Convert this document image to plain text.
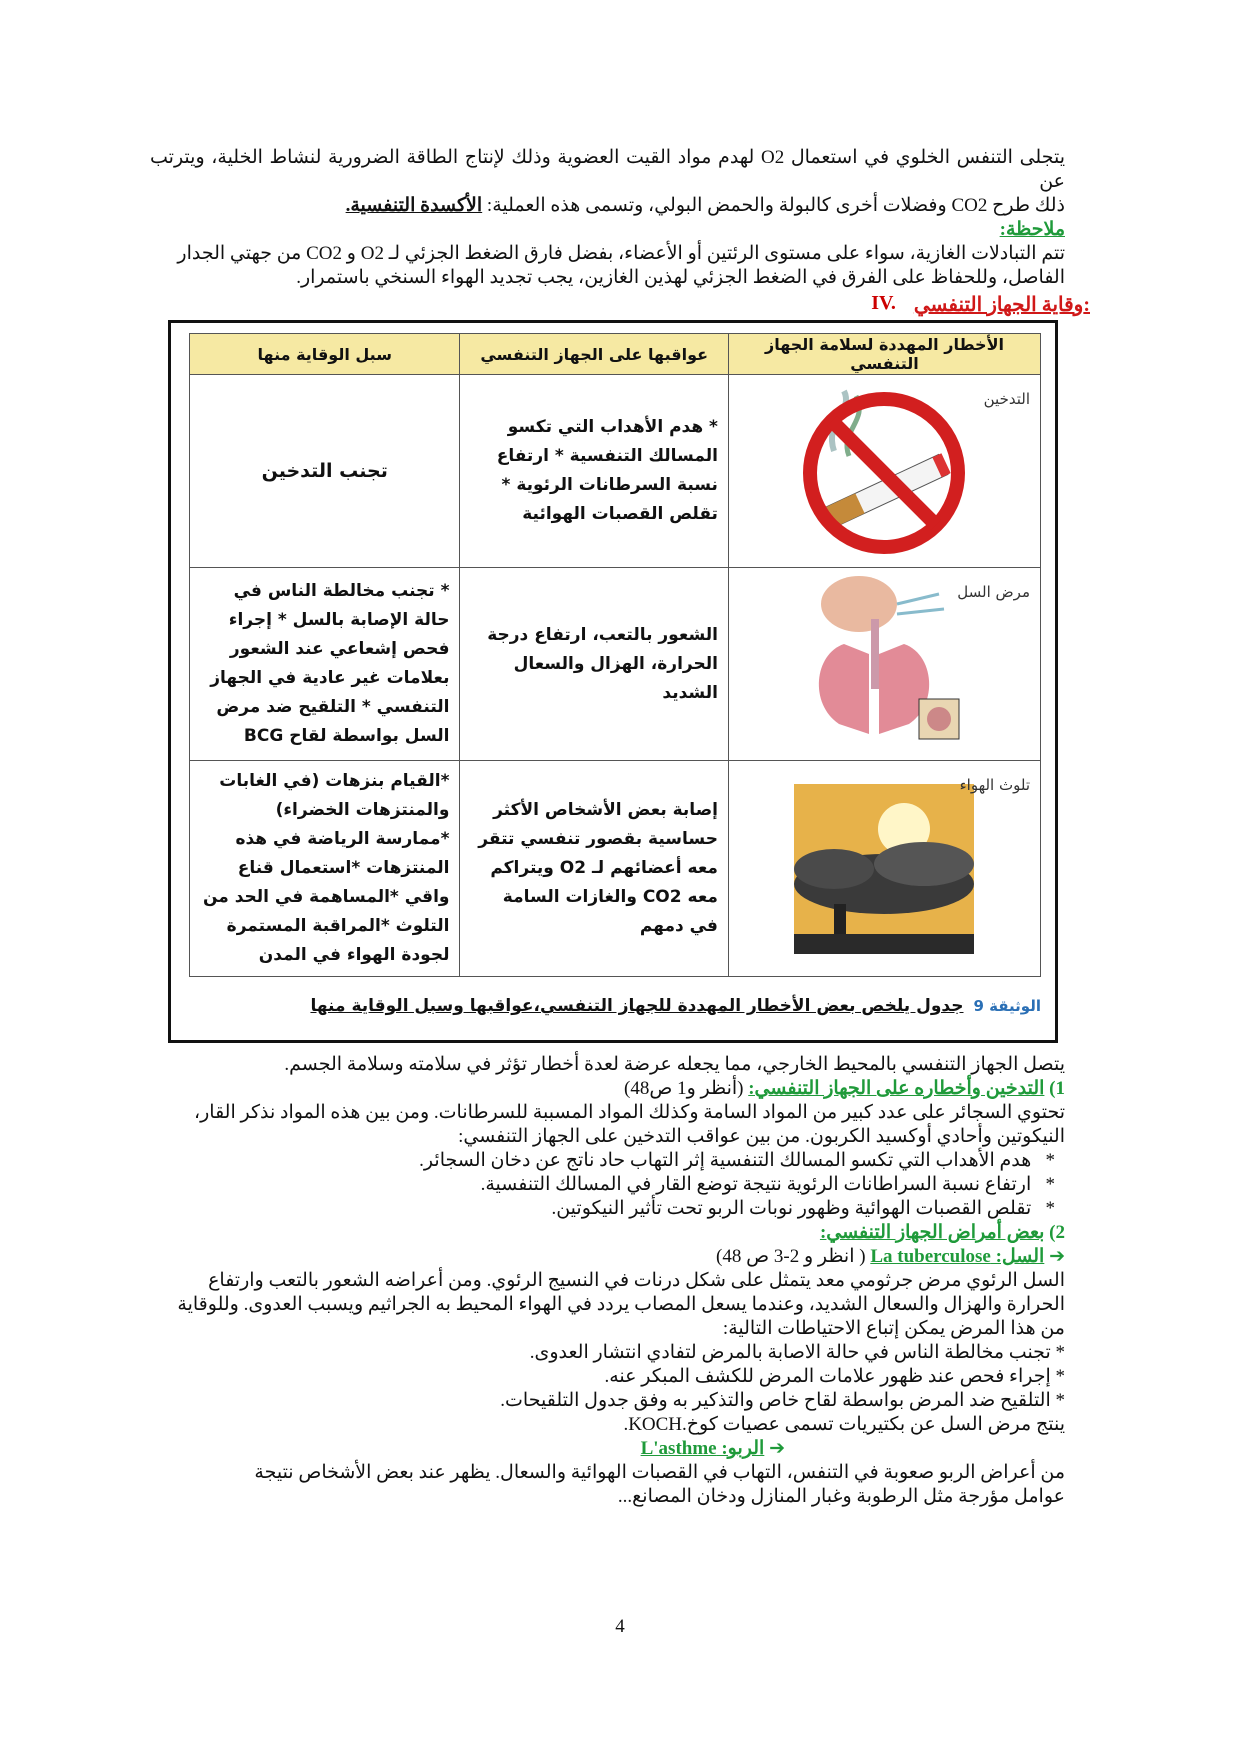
يتجلى التنفس الخلوي في استعمال O2 لهدم مواد القيت العضوية وذلك لإنتاج الطاقة الضرورية لنشاط الخلية، ويترتب عن

ذلك طرح CO2 وفضلات أخرى كالبولة والحمض البولي، وتسمى هذه العملية: الأكسدة التنفسية.

ملاحظة:

تتم التبادلات الغازية، سواء على مستوى الرئتين أو الأعضاء، بفضل فارق الضغط الجزئي لـ O2 و CO2 من جهتي الجدار

الفاصل، وللحفاظ على الفرق في الضغط الجزئي لهذين الغازين، يجب تجديد الهواء السنخي باستمرار.

IV. وقاية الجهاز التنفسي:
الأخطار المهددة لسلامة الجهاز التنفسي	عواقبها على الجهاز التنفسي	سبل الوقاية منها

التدخين	* هدم الأهداب التي تكسو المسالك التنفسية * ارتفاع نسبة السرطانات الرئوية * تقلص القصبات الهوائية	تجنب التدخين

مرض السل	الشعور بالتعب، ارتفاع درجة الحرارة، الهزال والسعال الشديد	* تجنب مخالطة الناس في حالة الإصابة بالسل * إجراء فحص إشعاعي عند الشعور بعلامات غير عادية في الجهاز التنفسي * التلقيح ضد مرض السل بواسطة لقاح BCG

تلوث الهواء	إصابة بعض الأشخاص الأكثر حساسية بقصور تنفسي تتقر معه أعضائهم لـ O2 ويتراكم معه CO2 والغازات السامة في دمهم	*القيام بنزهات (في الغابات والمنتزهات الخضراء) *ممارسة الرياضة في هذه المنتزهات *استعمال قناع واقي *المساهمة في الحد من التلوث *المراقبة المستمرة لجودة الهواء في المدن
الوثيقة 9
جدول يلخص بعض الأخطار المهددة للجهاز التنفسي،عواقبها وسبل الوقاية منها

يتصل الجهاز التنفسي بالمحيط الخارجي، مما يجعله عرضة لعدة أخطار تؤثر في سلامته وسلامة الجسم.

1) التدخين وأخطاره على الجهاز التنفسي: (أنظر و1 ص48)

تحتوي السجائر على عدد كبير من المواد السامة وكذلك المواد المسببة للسرطانات. ومن بين هذه المواد نذكر القار،

النيكوتين وأحادي أوكسيد الكربون. من بين عواقب التدخين على الجهاز التنفسي:

*   هدم الأهداب التي تكسو المسالك التنفسية إثر التهاب حاد ناتج عن دخان السجائر.

*   ارتفاع نسبة السراطانات الرئوية نتيجة توضع القار في المسالك التنفسية.

*   تقلص القصبات الهوائية وظهور نوبات الربو تحت تأثير النيكوتين.

2) بعض أمراض الجهاز التنفسي:

➔ السل: La tuberculose ( انظر و 2-3 ص 48)

السل الرئوي مرض جرثومي معد يتمثل على شكل درنات في النسيج الرئوي. ومن أعراضه الشعور بالتعب وارتفاع

الحرارة والهزال والسعال الشديد، وعندما يسعل المصاب يردد في الهواء المحيط به الجراثيم ويسبب العدوى. وللوقاية

من هذا المرض يمكن إتباع الاحتياطات التالية:

* تجنب مخالطة الناس في حالة الاصابة بالمرض لتفادي انتشار العدوى.

* إجراء فحص عند ظهور علامات المرض للكشف المبكر عنه.

* التلقيح ضد المرض بواسطة لقاح خاص والتذكير به وفق جدول التلقيحات.

ينتج مرض السل عن بكتيريات تسمى عصيات كوخ.KOCH.

➔ الربو: L'asthme

من أعراض الربو صعوبة في التنفس، التهاب في القصبات الهوائية والسعال. يظهر عند بعض الأشخاص نتيجة

عوامل مؤرجة مثل الرطوبة وغبار المنازل ودخان المصانع...

4
